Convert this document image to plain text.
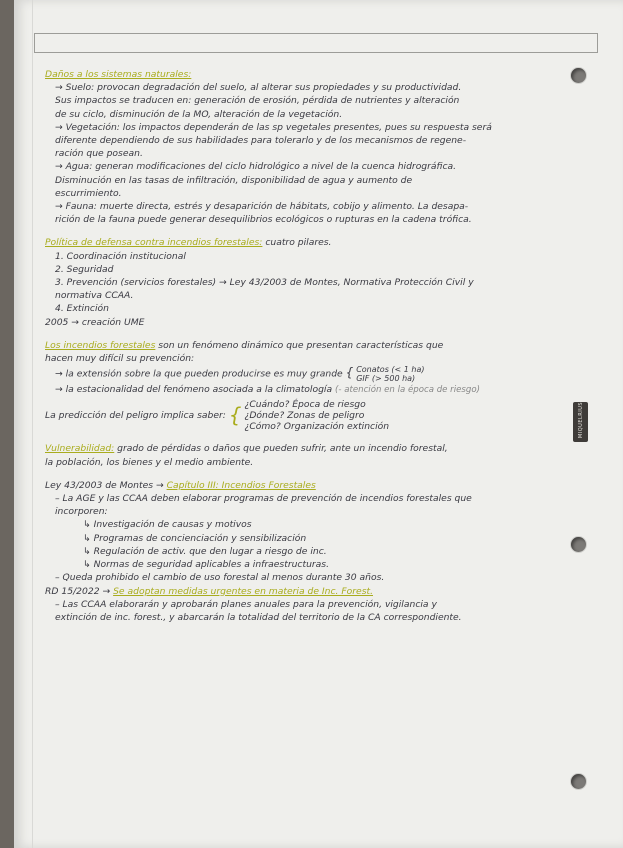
MIQUELRIUS
Daños a los sistemas naturales:
→ Suelo: provocan degradación del suelo, al alterar sus propiedades y su productividad.
Sus impactos se traducen en: generación de erosión, pérdida de nutrientes y alteración
de su ciclo, disminución de la MO, alteración de la vegetación.
→ Vegetación: los impactos dependerán de las sp vegetales presentes, pues su respuesta será
diferente dependiendo de sus habilidades para tolerarlo y de los mecanismos de regene-
ración que posean.
→ Agua: generan modificaciones del ciclo hidrológico a nivel de la cuenca hidrográfica.
Disminución en las tasas de infiltración, disponibilidad de agua y aumento de
escurrimiento.
→ Fauna: muerte directa, estrés y desaparición de hábitats, cobijo y alimento. La desapa-
rición de la fauna puede generar desequilibrios ecológicos o rupturas en la cadena trófica.
Política de defensa contra incendios forestales: cuatro pilares.
1. Coordinación institucional
2. Seguridad
3. Prevención (servicios forestales) → Ley 43/2003 de Montes, Normativa Protección Civil y
normativa CCAA.
4. Extinción
2005 → creación UME
Los incendios forestales son un fenómeno dinámico que presentan características que
hacen muy difícil su prevención:
→ la extensión sobre la que pueden producirse es muy grande { Conatos (< 1 ha)
GIF (> 500 ha)
→ la estacionalidad del fenómeno asociada a la climatología (- atención en la época de riesgo)
La predicción del peligro implica saber: { ¿Cuándo? Época de riesgo
¿Dónde? Zonas de peligro
¿Cómo? Organización extinción
Vulnerabilidad: grado de pérdidas o daños que pueden sufrir, ante un incendio forestal,
la población, los bienes y el medio ambiente.
Ley 43/2003 de Montes → Capítulo III: Incendios Forestales
– La AGE y las CCAA deben elaborar programas de prevención de incendios forestales que
incorporen:
↳ Investigación de causas y motivos
↳ Programas de concienciación y sensibilización
↳ Regulación de activ. que den lugar a riesgo de inc.
↳ Normas de seguridad aplicables a infraestructuras.
– Queda prohibido el cambio de uso forestal al menos durante 30 años.
RD 15/2022 → Se adoptan medidas urgentes en materia de Inc. Forest.
– Las CCAA elaborarán y aprobarán planes anuales para la prevención, vigilancia y
extinción de inc. forest., y abarcarán la totalidad del territorio de la CA correspondiente.
